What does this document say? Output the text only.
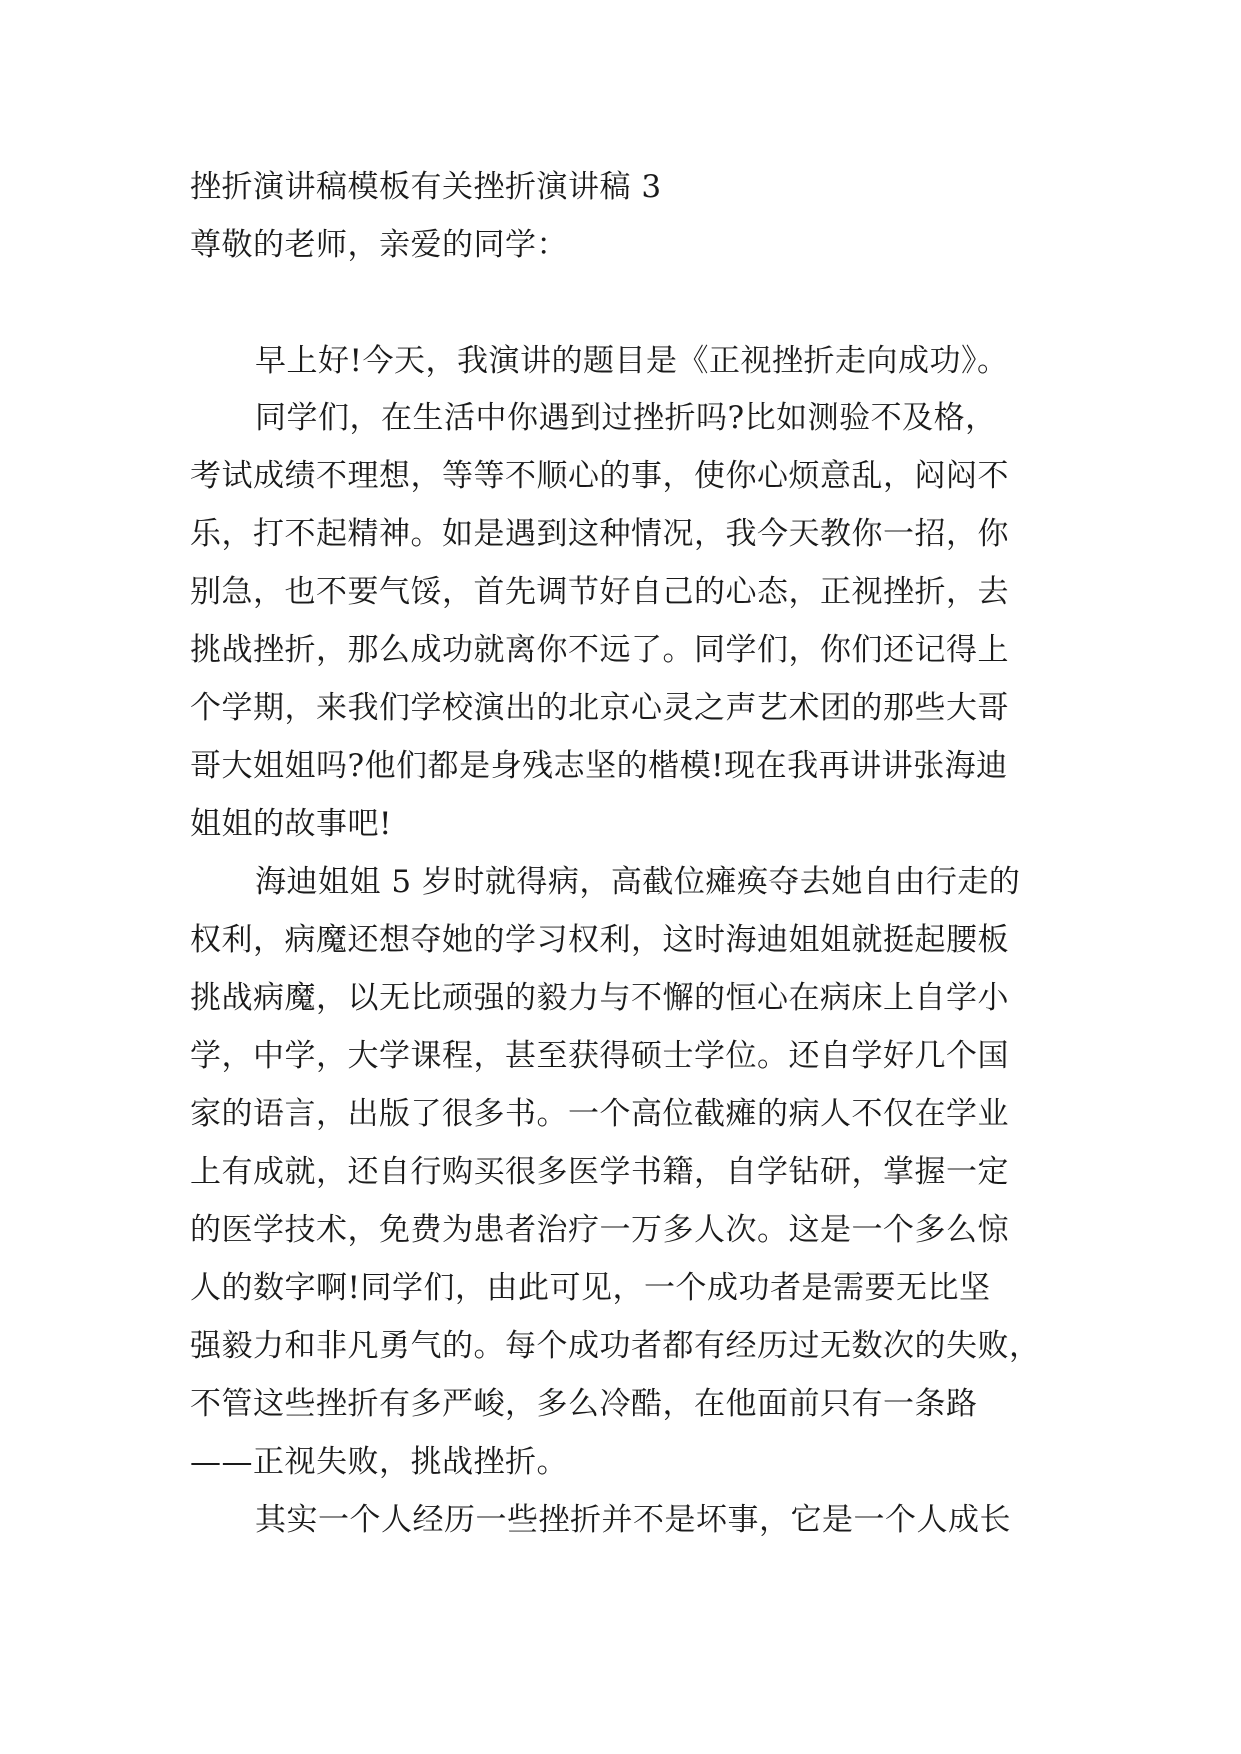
挫折演讲稿模板有关挫折演讲稿 3
尊敬的老师，亲爱的同学：
早上好!今天，我演讲的题目是《正视挫折走向成功》。
同学们，在生活中你遇到过挫折吗?比如测验不及格，
考试成绩不理想，等等不顺心的事，使你心烦意乱，闷闷不
乐，打不起精神。如是遇到这种情况，我今天教你一招，你
别急，也不要气馁，首先调节好自己的心态，正视挫折，去
挑战挫折，那么成功就离你不远了。同学们，你们还记得上
个学期，来我们学校演出的北京心灵之声艺术团的那些大哥
哥大姐姐吗?他们都是身残志坚的楷模!现在我再讲讲张海迪
姐姐的故事吧!
海迪姐姐 5 岁时就得病，高截位瘫痪夺去她自由行走的
权利，病魔还想夺她的学习权利，这时海迪姐姐就挺起腰板
挑战病魔，以无比顽强的毅力与不懈的恒心在病床上自学小
学，中学，大学课程，甚至获得硕士学位。还自学好几个国
家的语言，出版了很多书。一个高位截瘫的病人不仅在学业
上有成就，还自行购买很多医学书籍，自学钻研，掌握一定
的医学技术，免费为患者治疗一万多人次。这是一个多么惊
人的数字啊!同学们，由此可见，一个成功者是需要无比坚
强毅力和非凡勇气的。每个成功者都有经历过无数次的失败，
不管这些挫折有多严峻，多么冷酷，在他面前只有一条路
——正视失败，挑战挫折。
其实一个人经历一些挫折并不是坏事，它是一个人成长
